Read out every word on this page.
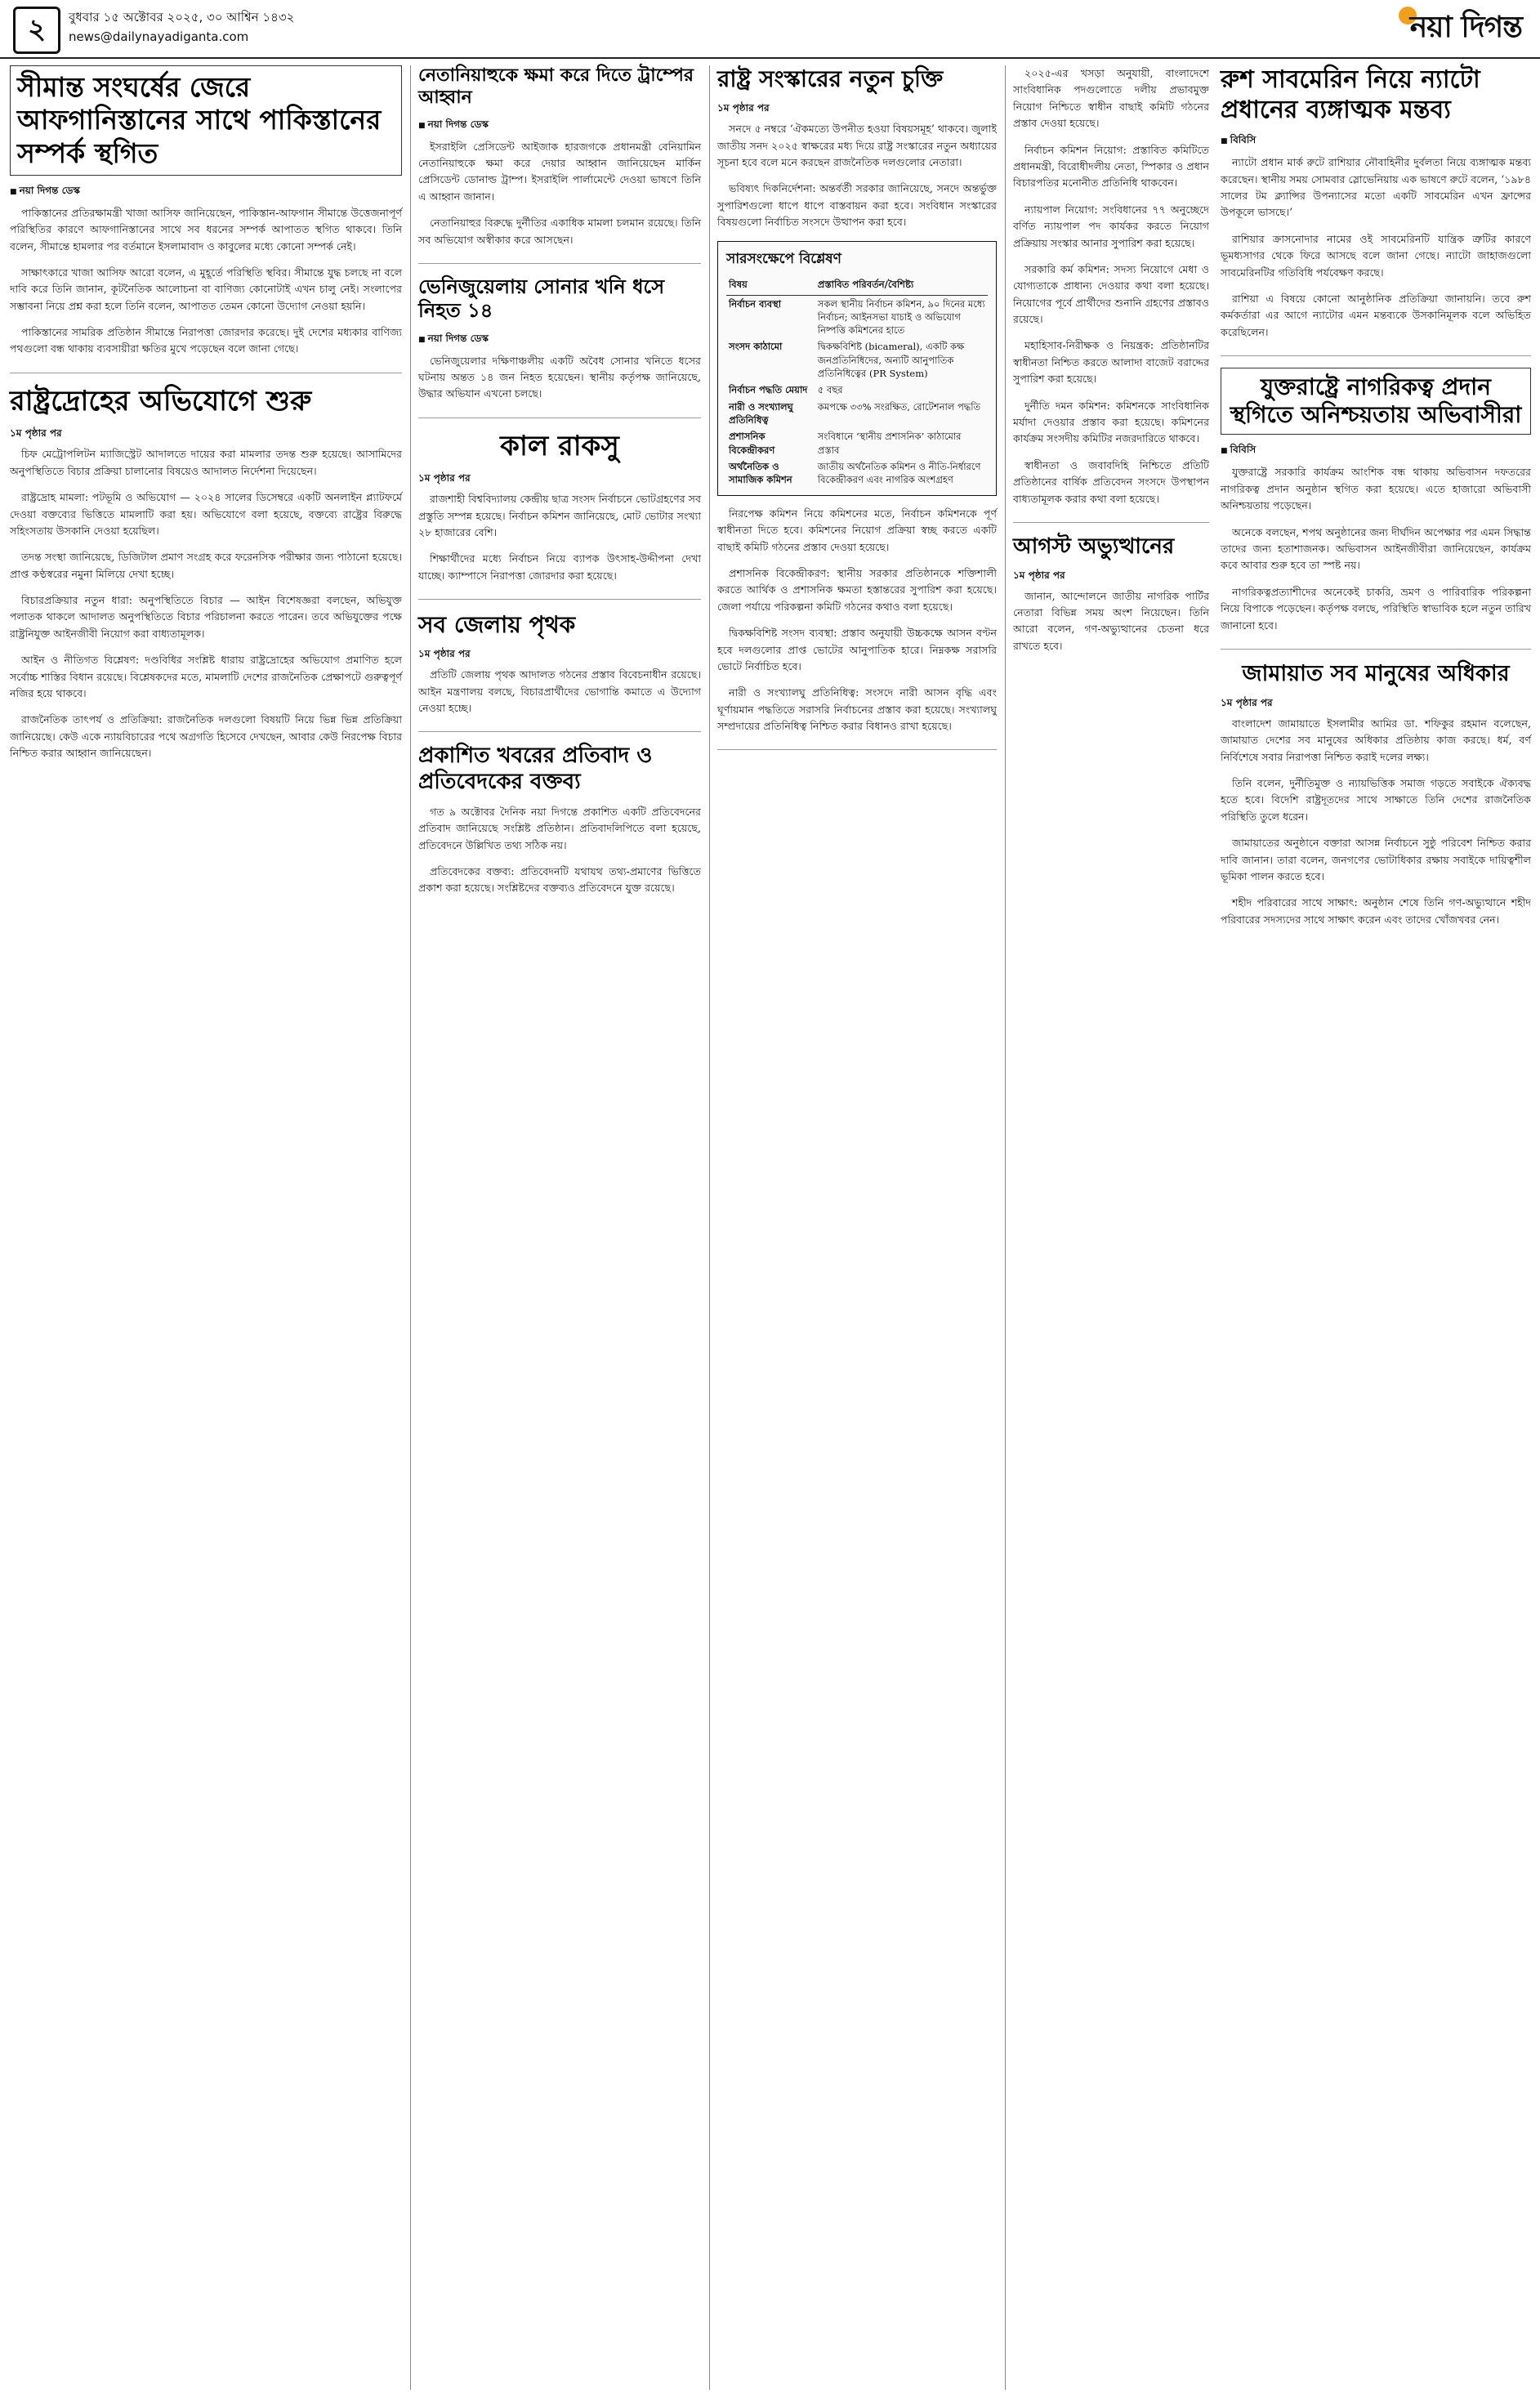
২	বুধবার ১৫ অক্টোবর ২০২৫, ৩০ আশ্বিন ১৪৩২
news@dailynayadiganta.com	নয়া দিগন্ত
সীমান্ত সংঘর্ষের জেরে আফগানিস্তানের সাথে পাকিস্তানের সম্পর্ক স্থগিত
■ নয়া দিগন্ত ডেস্ক

পাকিস্তানের প্রতিরক্ষামন্ত্রী খাজা আসিফ জানিয়েছেন, পাকিস্তান-আফগান সীমান্তে উত্তেজনাপূর্ণ পরিস্থিতির কারণে আফগানিস্তানের সাথে সব ধরনের সম্পর্ক আপাতত স্থগিত থাকবে। তিনি বলেন, সীমান্তে হামলার পর বর্তমানে ইসলামাবাদ ও কাবুলের মধ্যে কোনো সম্পর্ক নেই।

সাক্ষাৎকারে খাজা আসিফ আরো বলেন, এ মুহূর্তে পরিস্থিতি স্থবির। সীমান্তে যুদ্ধ চলছে না বলে দাবি করে তিনি জানান, কূটনৈতিক আলোচনা বা বাণিজ্য কোনোটাই এখন চালু নেই। সংলাপের সম্ভাবনা নিয়ে প্রশ্ন করা হলে তিনি বলেন, আপাতত তেমন কোনো উদ্যোগ নেওয়া হয়নি।

পাকিস্তানের সামরিক প্রতিষ্ঠান সীমান্তে নিরাপত্তা জোরদার করেছে। দুই দেশের মধ্যকার বাণিজ্য পথগুলো বন্ধ থাকায় ব্যবসায়ীরা ক্ষতির মুখে পড়েছেন বলে জানা গেছে।

রাষ্ট্রদ্রোহের অভিযোগে শুরু
১ম পৃষ্ঠার পর

চিফ মেট্রোপলিটন ম্যাজিস্ট্রেট আদালতে দায়ের করা মামলার তদন্ত শুরু হয়েছে। আসামিদের অনুপস্থিতিতে বিচার প্রক্রিয়া চালানোর বিষয়েও আদালত নির্দেশনা দিয়েছেন।

রাষ্ট্রদ্রোহ মামলা: পটভূমি ও অভিযোগ — ২০২৪ সালের ডিসেম্বরে একটি অনলাইন প্ল্যাটফর্মে দেওয়া বক্তব্যের ভিত্তিতে মামলাটি করা হয়। অভিযোগে বলা হয়েছে, বক্তব্যে রাষ্ট্রের বিরুদ্ধে সহিংসতায় উসকানি দেওয়া হয়েছিল।

তদন্ত সংস্থা জানিয়েছে, ডিজিটাল প্রমাণ সংগ্রহ করে ফরেনসিক পরীক্ষার জন্য পাঠানো হয়েছে। প্রাপ্ত কণ্ঠস্বরের নমুনা মিলিয়ে দেখা হচ্ছে।

বিচারপ্রক্রিয়ার নতুন ধারা: অনুপস্থিতিতে বিচার — আইন বিশেষজ্ঞরা বলছেন, অভিযুক্ত পলাতক থাকলে আদালত অনুপস্থিতিতে বিচার পরিচালনা করতে পারেন। তবে অভিযুক্তের পক্ষে রাষ্ট্রনিযুক্ত আইনজীবী নিয়োগ করা বাধ্যতামূলক।

আইন ও নীতিগত বিশ্লেষণ: দণ্ডবিধির সংশ্লিষ্ট ধারায় রাষ্ট্রদ্রোহের অভিযোগ প্রমাণিত হলে সর্বোচ্চ শাস্তির বিধান রয়েছে। বিশ্লেষকদের মতে, মামলাটি দেশের রাজনৈতিক প্রেক্ষাপটে গুরুত্বপূর্ণ নজির হয়ে থাকবে।

রাজনৈতিক তাৎপর্য ও প্রতিক্রিয়া: রাজনৈতিক দলগুলো বিষয়টি নিয়ে ভিন্ন ভিন্ন প্রতিক্রিয়া জানিয়েছে। কেউ একে ন্যায়বিচারের পথে অগ্রগতি হিসেবে দেখছেন, আবার কেউ নিরপেক্ষ বিচার নিশ্চিত করার আহ্বান জানিয়েছেন।

নেতানিয়াহুকে ক্ষমা করে দিতে ট্রাম্পের আহ্বান
■ নয়া দিগন্ত ডেস্ক

ইসরাইলি প্রেসিডেন্ট আইজাক হারজগকে প্রধানমন্ত্রী বেনিয়ামিন নেতানিয়াহুকে ক্ষমা করে দেয়ার আহ্বান জানিয়েছেন মার্কিন প্রেসিডেন্ট ডোনাল্ড ট্রাম্প। ইসরাইলি পার্লামেন্টে দেওয়া ভাষণে তিনি এ আহ্বান জানান।

নেতানিয়াহুর বিরুদ্ধে দুর্নীতির একাধিক মামলা চলমান রয়েছে। তিনি সব অভিযোগ অস্বীকার করে আসছেন।

ভেনিজুয়েলায় সোনার খনি ধসে নিহত ১৪
■ নয়া দিগন্ত ডেস্ক

ভেনিজুয়েলার দক্ষিণাঞ্চলীয় একটি অবৈধ সোনার খনিতে ধসের ঘটনায় অন্তত ১৪ জন নিহত হয়েছেন। স্থানীয় কর্তৃপক্ষ জানিয়েছে, উদ্ধার অভিযান এখনো চলছে।

কাল রাকসু
১ম পৃষ্ঠার পর

রাজশাহী বিশ্ববিদ্যালয় কেন্দ্রীয় ছাত্র সংসদ নির্বাচনে ভোটগ্রহণের সব প্রস্তুতি সম্পন্ন হয়েছে। নির্বাচন কমিশন জানিয়েছে, মোট ভোটার সংখ্যা ২৮ হাজারের বেশি।

শিক্ষার্থীদের মধ্যে নির্বাচন নিয়ে ব্যাপক উৎসাহ-উদ্দীপনা দেখা যাচ্ছে। ক্যাম্পাসে নিরাপত্তা জোরদার করা হয়েছে।

সব জেলায় পৃথক
১ম পৃষ্ঠার পর

প্রতিটি জেলায় পৃথক আদালত গঠনের প্রস্তাব বিবেচনাধীন রয়েছে। আইন মন্ত্রণালয় বলছে, বিচারপ্রার্থীদের ভোগান্তি কমাতে এ উদ্যোগ নেওয়া হচ্ছে।

প্রকাশিত খবরের প্রতিবাদ ও প্রতিবেদকের বক্তব্য

গত ৯ অক্টোবর দৈনিক নয়া দিগন্তে প্রকাশিত একটি প্রতিবেদনের প্রতিবাদ জানিয়েছে সংশ্লিষ্ট প্রতিষ্ঠান। প্রতিবাদলিপিতে বলা হয়েছে, প্রতিবেদনে উল্লিখিত তথ্য সঠিক নয়।

প্রতিবেদকের বক্তব্য: প্রতিবেদনটি যথাযথ তথ্য-প্রমাণের ভিত্তিতে প্রকাশ করা হয়েছে। সংশ্লিষ্টদের বক্তব্যও প্রতিবেদনে যুক্ত রয়েছে।

রাষ্ট্র সংস্কারের নতুন চুক্তি
১ম পৃষ্ঠার পর

সনদে ৫ নম্বরে ‘ঐকমত্যে উপনীত হওয়া বিষয়সমূহ’ থাকবে। জুলাই জাতীয় সনদ ২০২৫ স্বাক্ষরের মধ্য দিয়ে রাষ্ট্র সংস্কারের নতুন অধ্যায়ের সূচনা হবে বলে মনে করছেন রাজনৈতিক দলগুলোর নেতারা।

ভবিষ্যৎ দিকনির্দেশনা: অন্তর্বর্তী সরকার জানিয়েছে, সনদে অন্তর্ভুক্ত সুপারিশগুলো ধাপে ধাপে বাস্তবায়ন করা হবে। সংবিধান সংস্কারের বিষয়গুলো নির্বাচিত সংসদে উত্থাপন করা হবে।

সারসংক্ষেপে বিশ্লেষণ
বিষয়	প্রস্তাবিত পরিবর্তন/বৈশিষ্ট্য
নির্বাচন ব্যবস্থা	সকল স্থানীয় নির্বাচন কমিশন, ৯০ দিনের মধ্যে নির্বাচন; আইনসভা যাচাই ও অভিযোগ নিষ্পত্তি কমিশনের হাতে
সংসদ কাঠামো	দ্বিকক্ষবিশিষ্ট (bicameral), একটি কক্ষ জনপ্রতিনিধিদের, অন্যটি আনুপাতিক প্রতিনিধিত্বের (PR System)
নির্বাচন পদ্ধতি মেয়াদ	৫ বছর
নারী ও সংখ্যালঘু প্রতিনিধিত্ব	কমপক্ষে ৩৩% সংরক্ষিত, রোটেশনাল পদ্ধতি
প্রশাসনিক বিকেন্দ্রীকরণ	সংবিধানে ‘স্থানীয় প্রশাসনিক’ কাঠামোর প্রস্তাব
অর্থনৈতিক ও সামাজিক কমিশন	জাতীয় অর্থনৈতিক কমিশন ও নীতি-নির্ধারণে বিকেন্দ্রীকরণ এবং নাগরিক অংশগ্রহণ

নিরপেক্ষ কমিশন নিয়ে কমিশনের মতে, নির্বাচন কমিশনকে পূর্ণ স্বাধীনতা দিতে হবে। কমিশনের নিয়োগ প্রক্রিয়া স্বচ্ছ করতে একটি বাছাই কমিটি গঠনের প্রস্তাব দেওয়া হয়েছে।

প্রশাসনিক বিকেন্দ্রীকরণ: স্থানীয় সরকার প্রতিষ্ঠানকে শক্তিশালী করতে আর্থিক ও প্রশাসনিক ক্ষমতা হস্তান্তরের সুপারিশ করা হয়েছে। জেলা পর্যায়ে পরিকল্পনা কমিটি গঠনের কথাও বলা হয়েছে।

দ্বিকক্ষবিশিষ্ট সংসদ ব্যবস্থা: প্রস্তাব অনুযায়ী উচ্চকক্ষে আসন বণ্টন হবে দলগুলোর প্রাপ্ত ভোটের আনুপাতিক হারে। নিম্নকক্ষ সরাসরি ভোটে নির্বাচিত হবে।

নারী ও সংখ্যালঘু প্রতিনিধিত্ব: সংসদে নারী আসন বৃদ্ধি এবং ঘূর্ণায়মান পদ্ধতিতে সরাসরি নির্বাচনের প্রস্তাব করা হয়েছে। সংখ্যালঘু সম্প্রদায়ের প্রতিনিধিত্ব নিশ্চিত করার বিধানও রাখা হয়েছে।

২০২৫-এর খসড়া অনুযায়ী, বাংলাদেশে সাংবিধানিক পদগুলোতে দলীয় প্রভাবমুক্ত নিয়োগ নিশ্চিতে স্বাধীন বাছাই কমিটি গঠনের প্রস্তাব দেওয়া হয়েছে।

নির্বাচন কমিশন নিয়োগ: প্রস্তাবিত কমিটিতে প্রধানমন্ত্রী, বিরোধীদলীয় নেতা, স্পিকার ও প্রধান বিচারপতির মনোনীত প্রতিনিধি থাকবেন।

ন্যায়পাল নিয়োগ: সংবিধানের ৭৭ অনুচ্ছেদে বর্ণিত ন্যায়পাল পদ কার্যকর করতে নিয়োগ প্রক্রিয়ায় সংস্কার আনার সুপারিশ করা হয়েছে।

সরকারি কর্ম কমিশন: সদস্য নিয়োগে মেধা ও যোগ্যতাকে প্রাধান্য দেওয়ার কথা বলা হয়েছে। নিয়োগের পূর্বে প্রার্থীদের শুনানি গ্রহণের প্রস্তাবও রয়েছে।

মহাহিসাব-নিরীক্ষক ও নিয়ন্ত্রক: প্রতিষ্ঠানটির স্বাধীনতা নিশ্চিত করতে আলাদা বাজেট বরাদ্দের সুপারিশ করা হয়েছে।

দুর্নীতি দমন কমিশন: কমিশনকে সাংবিধানিক মর্যাদা দেওয়ার প্রস্তাব করা হয়েছে। কমিশনের কার্যক্রম সংসদীয় কমিটির নজরদারিতে থাকবে।

স্বাধীনতা ও জবাবদিহি নিশ্চিতে প্রতিটি প্রতিষ্ঠানের বার্ষিক প্রতিবেদন সংসদে উপস্থাপন বাধ্যতামূলক করার কথা বলা হয়েছে।

আগস্ট অভ্যুত্থানের
১ম পৃষ্ঠার পর

জানান, আন্দোলনে জাতীয় নাগরিক পার্টির নেতারা বিভিন্ন সময় অংশ নিয়েছেন। তিনি আরো বলেন, গণ-অভ্যুত্থানের চেতনা ধরে রাখতে হবে।

রুশ সাবমেরিন নিয়ে ন্যাটো প্রধানের ব্যঙ্গাত্মক মন্তব্য
■ বিবিসি

ন্যাটো প্রধান মার্ক রুটে রাশিয়ার নৌবাহিনীর দুর্বলতা নিয়ে ব্যঙ্গাত্মক মন্তব্য করেছেন। স্থানীয় সময় সোমবার স্লোভেনিয়ায় এক ভাষণে রুটে বলেন, ‘১৯৮৪ সালের টম ক্ল্যান্সির উপন্যাসের মতো একটি সাবমেরিন এখন ফ্রান্সের উপকূলে ভাসছে।’

রাশিয়ার ক্রাসনোদার নামের ওই সাবমেরিনটি যান্ত্রিক ত্রুটির কারণে ভূমধ্যসাগর থেকে ফিরে আসছে বলে জানা গেছে। ন্যাটো জাহাজগুলো সাবমেরিনটির গতিবিধি পর্যবেক্ষণ করছে।

রাশিয়া এ বিষয়ে কোনো আনুষ্ঠানিক প্রতিক্রিয়া জানায়নি। তবে রুশ কর্মকর্তারা এর আগে ন্যাটোর এমন মন্তব্যকে উসকানিমূলক বলে অভিহিত করেছিলেন।

যুক্তরাষ্ট্রে নাগরিকত্ব প্রদান স্থগিতে অনিশ্চয়তায় অভিবাসীরা
■ বিবিসি

যুক্তরাষ্ট্রে সরকারি কার্যক্রম আংশিক বন্ধ থাকায় অভিবাসন দফতরের নাগরিকত্ব প্রদান অনুষ্ঠান স্থগিত করা হয়েছে। এতে হাজারো অভিবাসী অনিশ্চয়তায় পড়েছেন।

অনেকে বলছেন, শপথ অনুষ্ঠানের জন্য দীর্ঘদিন অপেক্ষার পর এমন সিদ্ধান্ত তাদের জন্য হতাশাজনক। অভিবাসন আইনজীবীরা জানিয়েছেন, কার্যক্রম কবে আবার শুরু হবে তা স্পষ্ট নয়।

নাগরিকত্বপ্রত্যাশীদের অনেকেই চাকরি, ভ্রমণ ও পারিবারিক পরিকল্পনা নিয়ে বিপাকে পড়েছেন। কর্তৃপক্ষ বলছে, পরিস্থিতি স্বাভাবিক হলে নতুন তারিখ জানানো হবে।

জামায়াত সব মানুষের অধিকার
১ম পৃষ্ঠার পর

বাংলাদেশ জামায়াতে ইসলামীর আমির ডা. শফিকুর রহমান বলেছেন, জামায়াত দেশের সব মানুষের অধিকার প্রতিষ্ঠায় কাজ করছে। ধর্ম, বর্ণ নির্বিশেষে সবার নিরাপত্তা নিশ্চিত করাই দলের লক্ষ্য।

তিনি বলেন, দুর্নীতিমুক্ত ও ন্যায়ভিত্তিক সমাজ গড়তে সবাইকে ঐক্যবদ্ধ হতে হবে। বিদেশি রাষ্ট্রদূতদের সাথে সাক্ষাতে তিনি দেশের রাজনৈতিক পরিস্থিতি তুলে ধরেন।

জামায়াতের অনুষ্ঠানে বক্তারা আসন্ন নির্বাচনে সুষ্ঠু পরিবেশ নিশ্চিত করার দাবি জানান। তারা বলেন, জনগণের ভোটাধিকার রক্ষায় সবাইকে দায়িত্বশীল ভূমিকা পালন করতে হবে।

শহীদ পরিবারের সাথে সাক্ষাৎ: অনুষ্ঠান শেষে তিনি গণ-অভ্যুত্থানে শহীদ পরিবারের সদস্যদের সাথে সাক্ষাৎ করেন এবং তাদের খোঁজখবর নেন।
